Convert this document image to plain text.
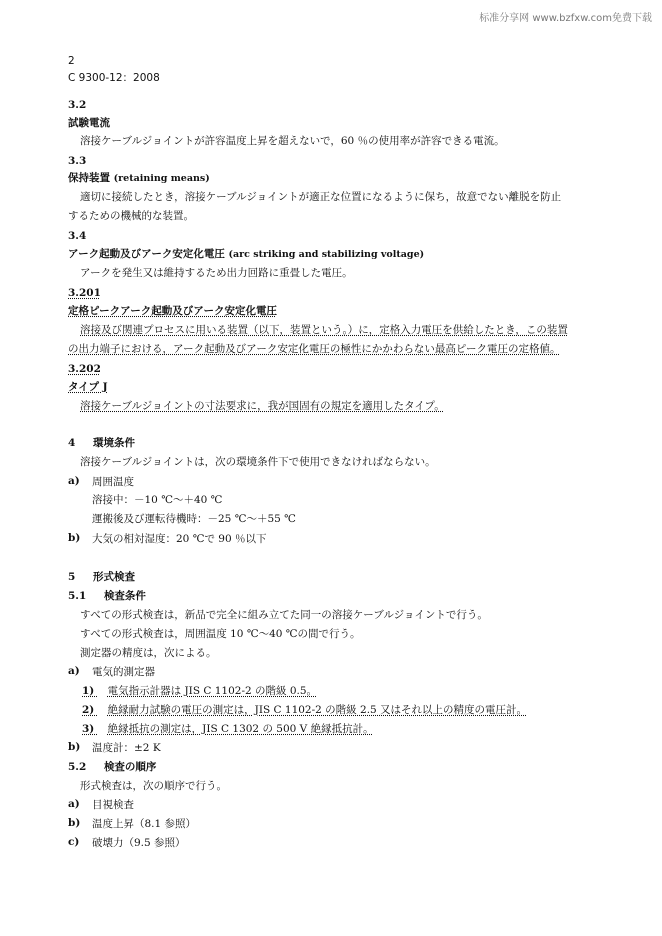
标准分享网 www.bzfxw.com免费下载
2
C 9300-12：2008
3.2
試験電流
溶接ケーブルジョイントが許容温度上昇を超えないで，60 ％の使用率が許容できる電流。
3.3
保持装置 (retaining means)
適切に接続したとき，溶接ケーブルジョイントが適正な位置になるように保ち，故意でない離脱を防止
するための機械的な装置。
3.4
アーク起動及びアーク安定化電圧 (arc striking and stabilizing voltage)
アークを発生又は維持するため出力回路に重畳した電圧。
3.201
定格ピークアーク起動及びアーク安定化電圧
溶接及び関連プロセスに用いる装置（以下，装置という。）に，定格入力電圧を供給したとき，この装置
の出力端子における，アーク起動及びアーク安定化電圧の極性にかかわらない最高ピーク電圧の定格値。
3.202
タイプ J
溶接ケーブルジョイントの寸法要求に，我が国固有の規定を適用したタイプ。
4 環境条件
溶接ケーブルジョイントは，次の環境条件下で使用できなければならない。
a) 周囲温度
溶接中：－10 ℃～＋40 ℃
運搬後及び運転待機時：－25 ℃～＋55 ℃
b) 大気の相対湿度：20 ℃で 90 ％以下
5 形式検査
5.1 検査条件
すべての形式検査は，新品で完全に組み立てた同一の溶接ケーブルジョイントで行う。
すべての形式検査は，周囲温度 10 ℃～40 ℃の間で行う。
測定器の精度は，次による。
a) 電気的測定器
1) 電気指示計器は JIS C 1102-2 の階級 0.5。
2) 絶縁耐力試験の電圧の測定は，JIS C 1102-2 の階級 2.5 又はそれ以上の精度の電圧計。
3) 絶縁抵抗の測定は，JIS C 1302 の 500 V 絶縁抵抗計。
b) 温度計：±2 K
5.2 検査の順序
形式検査は，次の順序で行う。
a) 目視検査
b) 温度上昇（8.1 参照）
c) 破壊力（9.5 参照）
